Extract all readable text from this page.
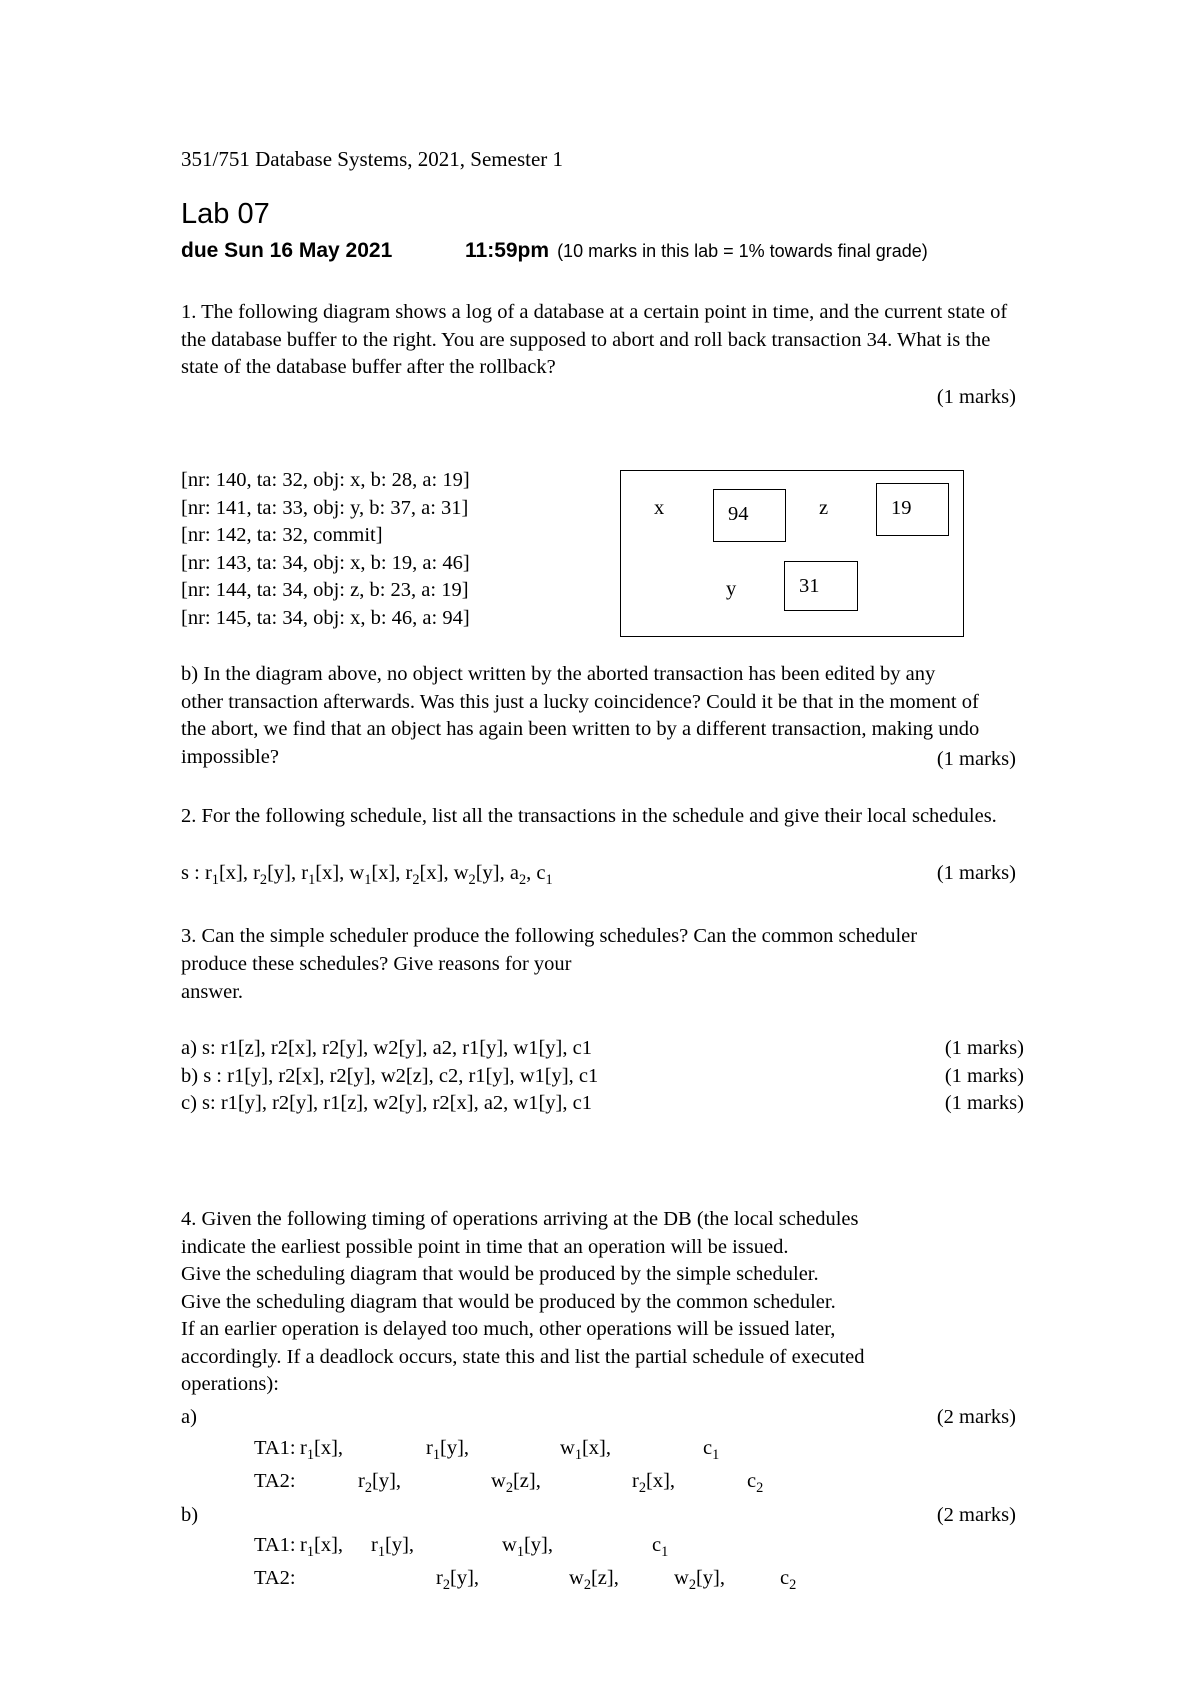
351/751 Database Systems, 2021, Semester 1
Lab 07
due Sun 16 May 2021	11:59pm (10 marks in this lab = 1% towards final grade)
1. The following diagram shows a log of a database at a certain point in time, and the current state of the database buffer to the right. You are supposed to abort and roll back transaction 34. What is the state of the database buffer after the rollback?
(1 marks)
[nr: 140, ta: 32, obj: x, b: 28, a: 19]
[nr: 141, ta: 33, obj: y, b: 37, a: 31]
[nr: 142, ta: 32, commit]
[nr: 143, ta: 34, obj: x, b: 19, a: 46]
[nr: 144, ta: 34, obj: z, b: 23, a: 19]
[nr: 145, ta: 34, obj: x, b: 46, a: 94]
x	94	z	19
y	31
b) In the diagram above, no object written by the aborted transaction has been edited by any other transaction afterwards. Was this just a lucky coincidence? Could it be that in the moment of the abort, we find that an object has again been written to by a different transaction, making undo impossible?	(1 marks)
2. For the following schedule, list all the transactions in the schedule and give their local schedules.
s : $r_1[x]$, $r_2[y]$, $r_1[x]$, $w_1[x]$, $r_2[x]$, $w_2[y]$, $a_2$, $c_1$	(1 marks)
3. Can the simple scheduler produce the following schedules? Can the common scheduler produce these schedules? Give reasons for your
answer.
a) s: r1[z], r2[x], r2[y], w2[y], a2, r1[y], w1[y], c1	(1 marks)
b) s : r1[y], r2[x], r2[y], w2[z], c2, r1[y], w1[y], c1	(1 marks)
c) s: r1[y], r2[y], r1[z], w2[y], r2[x], a2, w1[y], c1	(1 marks)
4. Given the following timing of operations arriving at the DB (the local schedules
indicate the earliest possible point in time that an operation will be issued.
Give the scheduling diagram that would be produced by the simple scheduler.
Give the scheduling diagram that would be produced by the common scheduler.
If an earlier operation is delayed too much, other operations will be issued later,
accordingly. If a deadlock occurs, state this and list the partial schedule of executed
operations):
a)	(2 marks)
TA1: $r_1[x]$,	$r_1[y]$,	$w_1[x]$,	$c_1$
TA2:	$r_2[y]$,	$w_2[z]$,	$r_2[x]$,	$c_2$
b)	(2 marks)
TA1: $r_1[x]$, $r_1[y]$,	$w_1[y]$,	$c_1$
TA2:	$r_2[y]$,	$w_2[z]$,	$w_2[y]$,	$c_2$
